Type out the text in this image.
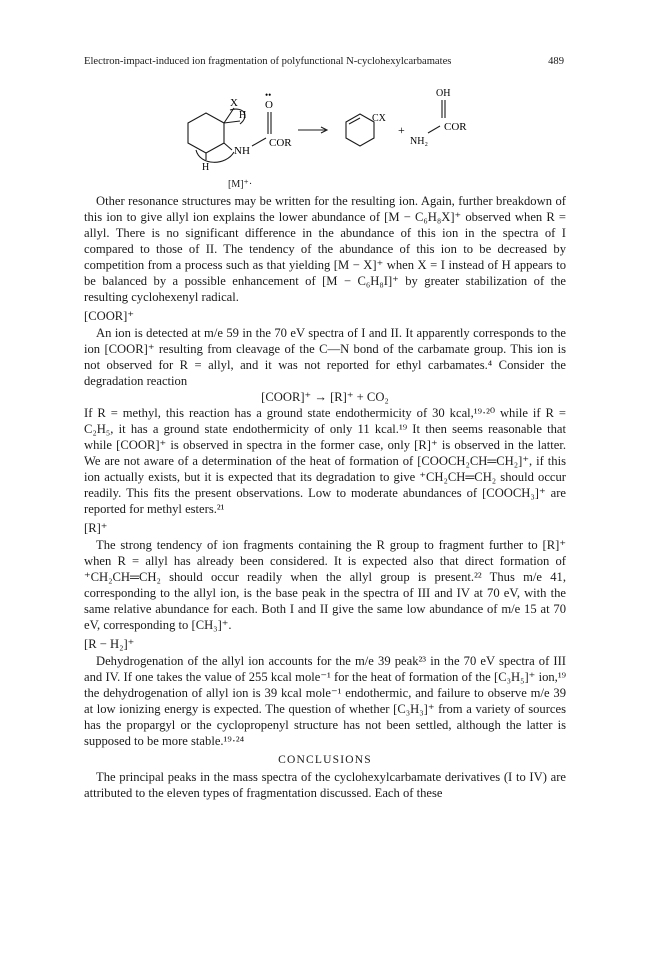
Electron-impact-induced ion fragmentation of polyfunctional N-cyclohexylcarbamates	489
X
H
••
O
COR
NH
H
CX
+
OH
COR
NH₂
[M]⁺·

Other resonance structures may be written for the resulting ion. Again, further breakdown of this ion to give allyl ion explains the lower abundance of [M − C₆H₈X]⁺ observed when R = allyl. There is no significant difference in the abundance of this ion in the spectra of I compared to those of II. The tendency of the abundance of this ion to be decreased by competition from a process such as that yielding [M − X]⁺ when X = I instead of H appears to be balanced by a possible enhancement of [M − C₆H₈I]⁺ by greater stabilization of the resulting cyclohexenyl radical.

[COOR]⁺

An ion is detected at m/e 59 in the 70 eV spectra of I and II. It apparently corresponds to the ion [COOR]⁺ resulting from cleavage of the C—N bond of the carbamate group. This ion is not observed for R = allyl, and it was not reported for ethyl carbamates.⁴ Consider the degradation reaction

[COOR]⁺ → [R]⁺ + CO₂

If R = methyl, this reaction has a ground state endothermicity of 30 kcal,¹⁹·²⁰ while if R = C₂H₅, it has a ground state endothermicity of only 11 kcal.¹⁹ It then seems reasonable that while [COOR]⁺ is observed in spectra in the former case, only [R]⁺ is observed in the latter. We are not aware of a determination of the heat of formation of [COOCH₂CH═CH₂]⁺, if this ion actually exists, but it is expected that its degradation to give ⁺CH₂CH═CH₂ should occur readily. This fits the present observations. Low to moderate abundances of [COOCH₃]⁺ are reported for methyl esters.²¹

[R]⁺

The strong tendency of ion fragments containing the R group to fragment further to [R]⁺ when R = allyl has already been considered. It is expected also that direct formation of ⁺CH₂CH═CH₂ should occur readily when the allyl group is present.²² Thus m/e 41, corresponding to the allyl ion, is the base peak in the spectra of III and IV at 70 eV, with the same relative abundance for each. Both I and II give the same low abundance of m/e 15 at 70 eV, corresponding to [CH₃]⁺.

[R − H₂]⁺

Dehydrogenation of the allyl ion accounts for the m/e 39 peak²³ in the 70 eV spectra of III and IV. If one takes the value of 255 kcal mole⁻¹ for the heat of formation of the [C₃H₅]⁺ ion,¹⁹ the dehydrogenation of allyl ion is 39 kcal mole⁻¹ endothermic, and failure to observe m/e 39 at low ionizing energy is expected. The question of whether [C₃H₃]⁺ from a variety of sources has the propargyl or the cyclopropenyl structure has not been settled, although the latter is supposed to be more stable.¹⁹·²⁴

CONCLUSIONS

The principal peaks in the mass spectra of the cyclohexylcarbamate derivatives (I to IV) are attributed to the eleven types of fragmentation discussed. Each of these
